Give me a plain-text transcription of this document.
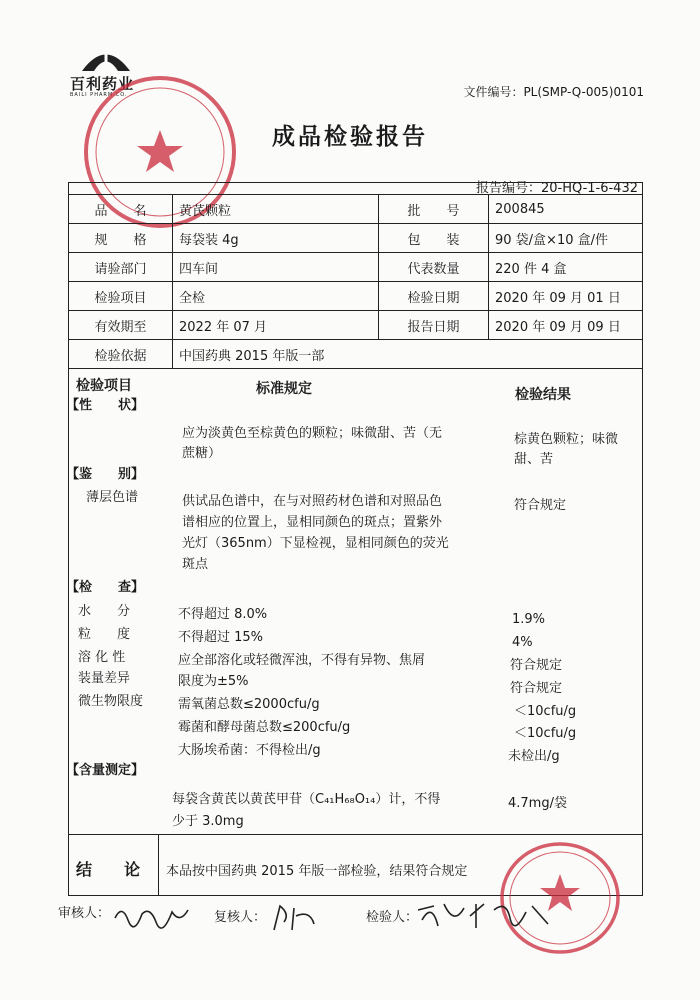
百利药业
BAILI PHARM.CO.	文件编号：PL(SMP-Q-005)0101
成品检验报告
报告编号：20-HQ-1-6-432
品　　名	黄芪颗粒	批　　号	200845
规　　格	每袋装 4g	包　　装	90 袋/盒×10 盒/件
请验部门	四车间	代表数量	220 件 4 盒
检验项目	全检	检验日期	2020 年 09 月 01 日
有效期至	2022 年 07 月	报告日期	2020 年 09 月 09 日
检验依据	中国药典 2015 年版一部		
检验项目	标准规定	检验结果
【性　　状】
应为淡黄色至棕黄色的颗粒；味微甜、苦（无
蔗糖）
棕黄色颗粒；味微
甜、苦
【鉴　　别】
薄层色谱	供试品色谱中，在与对照药材色谱和对照品色
谱相应的位置上，显相同颜色的斑点；置紫外
光灯（365nm）下显检视，显相同颜色的荧光
斑点
符合规定
【检　　查】
水　　分	不得超过 8.0%	1.9%
粒　　度	不得超过 15%	4%
溶 化 性	应全部溶化或轻微浑浊，不得有异物、焦屑	符合规定
装量差异	限度为±5%	符合规定
微生物限度	需氧菌总数≤2000cfu/g	＜10cfu/g
霉菌和酵母菌总数≤200cfu/g	＜10cfu/g
大肠埃希菌：不得检出/g	未检出/g
【含量测定】
每袋含黄芪以黄芪甲苷（C₄₁H₆₈O₁₄）计，不得
少于 3.0mg
4.7mg/袋
结　　论 本品按中国药典 2015 年版一部检验，结果符合规定
审核人：	复核人：	检验人：
